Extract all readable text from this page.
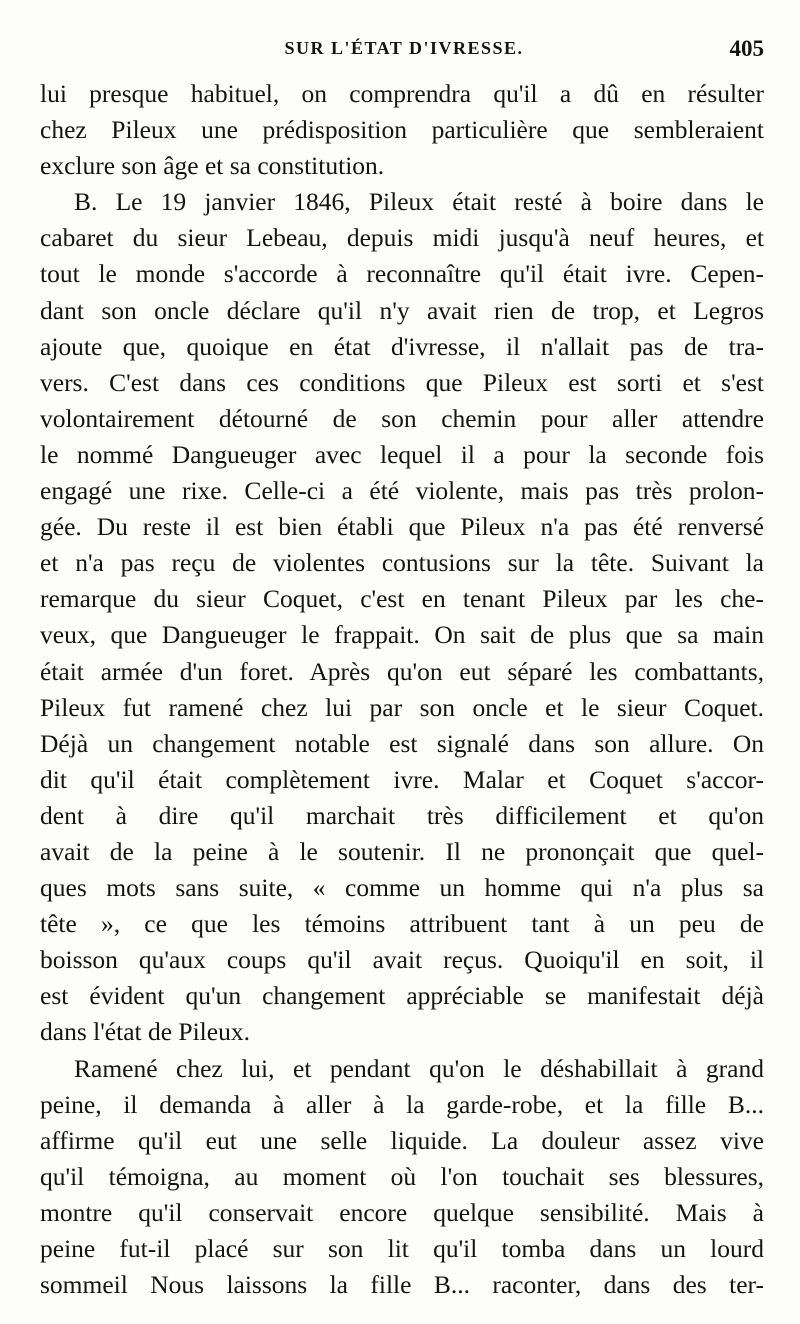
SUR L'ÉTAT D'IVRESSE.	405
lui presque habituel, on comprendra qu'il a dû en résulter
chez Pileux une prédisposition particulière que sembleraient
exclure son âge et sa constitution.
B. Le 19 janvier 1846, Pileux était resté à boire dans le
cabaret du sieur Lebeau, depuis midi jusqu'à neuf heures, et
tout le monde s'accorde à reconnaître qu'il était ivre. Cepen-
dant son oncle déclare qu'il n'y avait rien de trop, et Legros
ajoute que, quoique en état d'ivresse, il n'allait pas de tra-
vers. C'est dans ces conditions que Pileux est sorti et s'est
volontairement détourné de son chemin pour aller attendre
le nommé Dangueuger avec lequel il a pour la seconde fois
engagé une rixe. Celle-ci a été violente, mais pas très prolon-
gée. Du reste il est bien établi que Pileux n'a pas été renversé
et n'a pas reçu de violentes contusions sur la tête. Suivant la
remarque du sieur Coquet, c'est en tenant Pileux par les che-
veux, que Dangueuger le frappait. On sait de plus que sa main
était armée d'un foret. Après qu'on eut séparé les combattants,
Pileux fut ramené chez lui par son oncle et le sieur Coquet.
Déjà un changement notable est signalé dans son allure. On
dit qu'il était complètement ivre. Malar et Coquet s'accor-
dent à dire qu'il marchait très difficilement et qu'on
avait de la peine à le soutenir. Il ne prononçait que quel-
ques mots sans suite, « comme un homme qui n'a plus sa
tête », ce que les témoins attribuent tant à un peu de
boisson qu'aux coups qu'il avait reçus. Quoiqu'il en soit, il
est évident qu'un changement appréciable se manifestait déjà
dans l'état de Pileux.
Ramené chez lui, et pendant qu'on le déshabillait à grand
peine, il demanda à aller à la garde-robe, et la fille B...
affirme qu'il eut une selle liquide. La douleur assez vive
qu'il témoigna, au moment où l'on touchait ses blessures,
montre qu'il conservait encore quelque sensibilité. Mais à
peine fut-il placé sur son lit qu'il tomba dans un lourd
sommeil Nous laissons la fille B... raconter, dans des ter-
